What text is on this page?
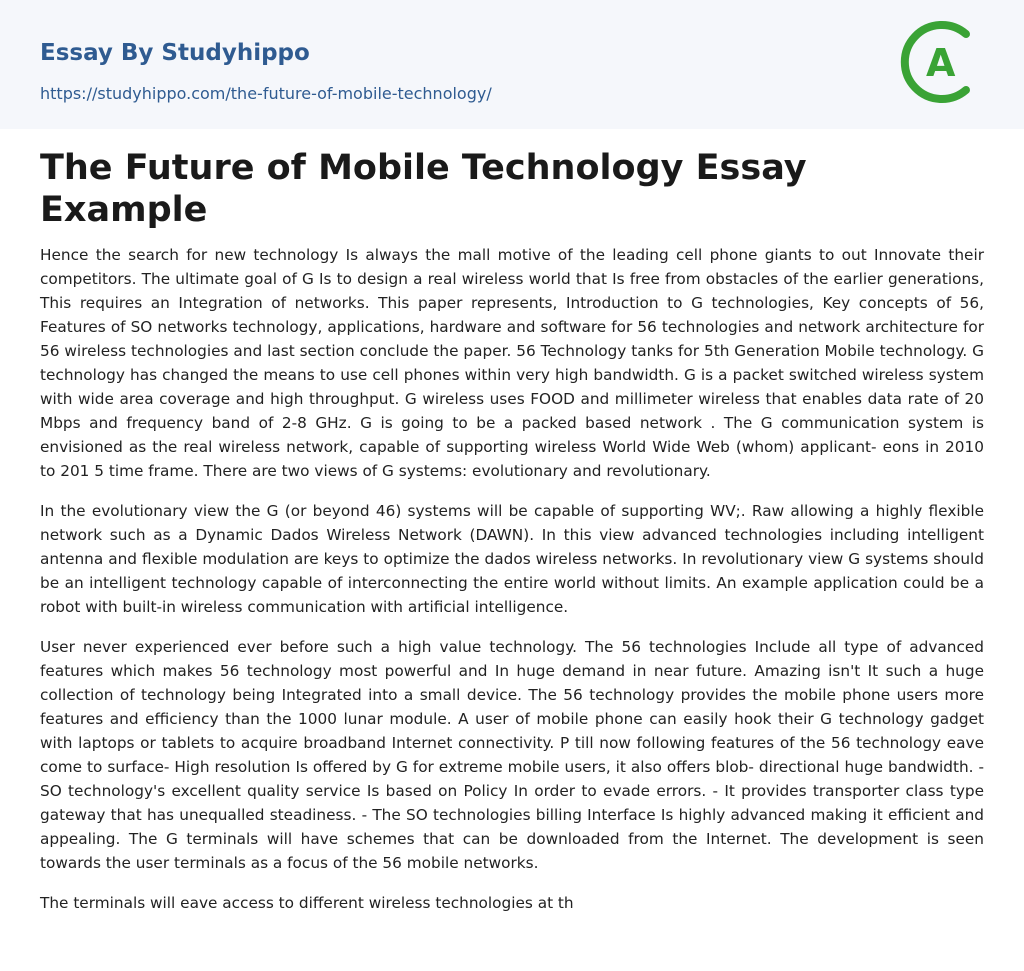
Essay By Studyhippo
https://studyhippo.com/the-future-of-mobile-technology/
A
The Future of Mobile Technology Essay Example

Hence the search for new technology Is always the mall motive of the leading cell phone giants to out Innovate their competitors. The ultimate goal of G Is to design a real wireless world that Is free from obstacles of the earlier generations, This requires an Integration of networks. This paper represents, Introduction to G technologies, Key concepts of 56, Features of SO networks technology, applications, hardware and software for 56 technologies and network architecture for 56 wireless technologies and last section conclude the paper. 56 Technology tanks for 5th Generation Mobile technology. G technology has changed the means to use cell phones within very high bandwidth. G is a packet switched wireless system with wide area coverage and high throughput. G wireless uses FOOD and millimeter wireless that enables data rate of 20 Mbps and frequency band of 2-8 GHz. G is going to be a packed based network . The G communication system is envisioned as the real wireless network, capable of supporting wireless World Wide Web (whom) applicant- eons in 2010 to 201 5 time frame. There are two views of G systems: evolutionary and revolutionary.

In the evolutionary view the G (or beyond 46) systems will be capable of supporting WV;. Raw allowing a highly flexible network such as a Dynamic Dados Wireless Network (DAWN). In this view advanced technologies including intelligent antenna and flexible modulation are keys to optimize the dados wireless networks. In revolutionary view G systems should be an intelligent technology capable of interconnecting the entire world without limits. An example application could be a robot with built-in wireless communication with artificial intelligence.

User never experienced ever before such a high value technology. The 56 technologies Include all type of advanced features which makes 56 technology most powerful and In huge demand in near future. Amazing isn't It such a huge collection of technology being Integrated into a small device. The 56 technology provides the mobile phone users more features and efficiency than the 1000 lunar module. A user of mobile phone can easily hook their G technology gadget with laptops or tablets to acquire broadband Internet connectivity. P till now following features of the 56 technology eave come to surface- High resolution Is offered by G for extreme mobile users, it also offers blob- directional huge bandwidth. - SO technology's excellent quality service Is based on Policy In order to evade errors. - It provides transporter class type gateway that has unequalled steadiness. - The SO technologies billing Interface Is highly advanced making it efficient and appealing. The G terminals will have schemes that can be downloaded from the Internet. The development is seen towards the user terminals as a focus of the 56 mobile networks.

The terminals will eave access to different wireless technologies at th
